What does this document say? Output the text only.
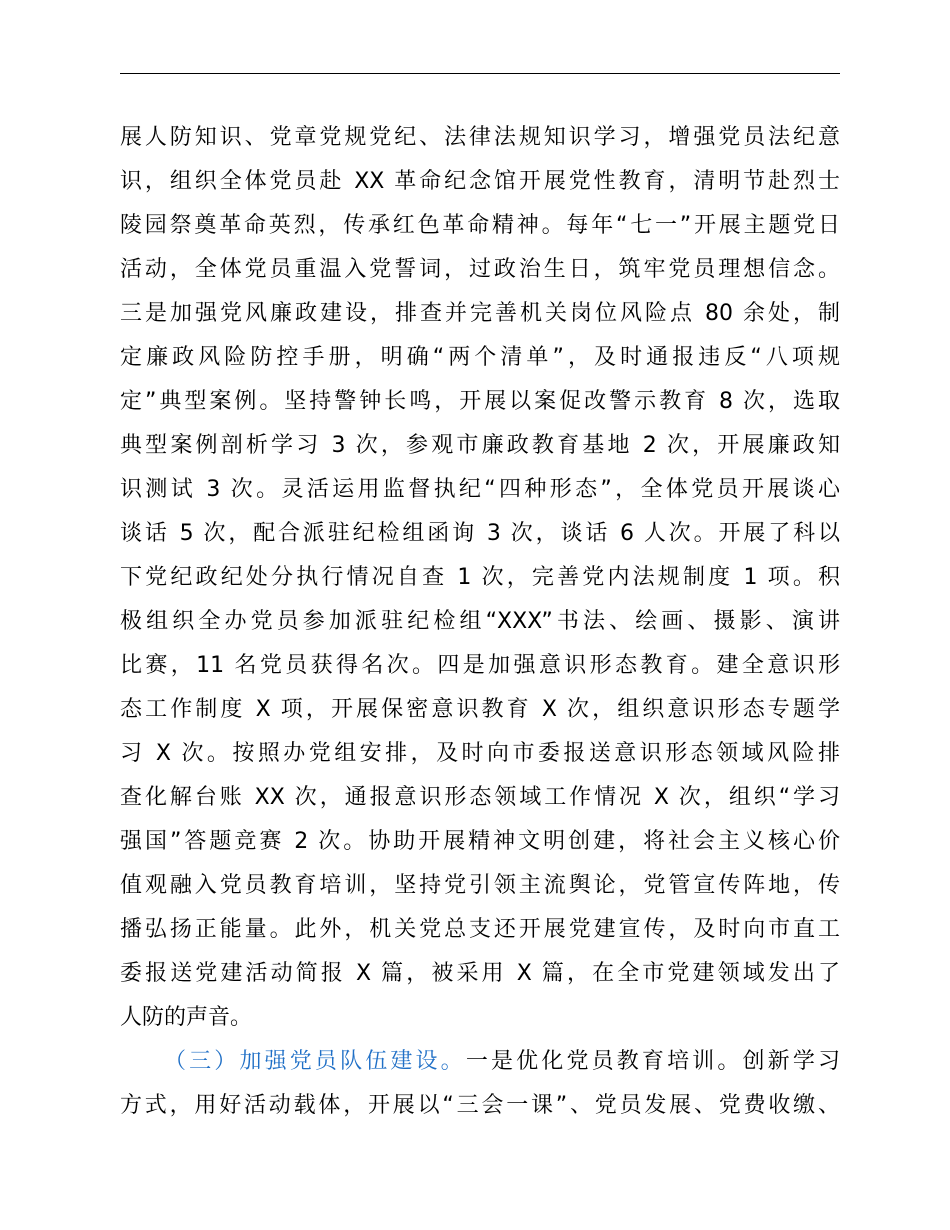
展人防知识、党章党规党纪、法律法规知识学习，增强党员法纪意
识，组织全体党员赴 XX 革命纪念馆开展党性教育，清明节赴烈士
陵园祭奠革命英烈，传承红色革命精神。每年“七一”开展主题党日
活动，全体党员重温入党誓词，过政治生日，筑牢党员理想信念。
三是加强党风廉政建设，排查并完善机关岗位风险点 80 余处，制
定廉政风险防控手册，明确“两个清单”，及时通报违反“八项规
定”典型案例。坚持警钟长鸣，开展以案促改警示教育 8 次，选取
典型案例剖析学习 3 次，参观市廉政教育基地 2 次，开展廉政知
识测试 3 次。灵活运用监督执纪“四种形态”，全体党员开展谈心
谈话 5 次，配合派驻纪检组函询 3 次，谈话 6 人次。开展了科以
下党纪政纪处分执行情况自查 1 次，完善党内法规制度 1 项。积
极组织全办党员参加派驻纪检组“XXX”书法、绘画、摄影、演讲
比赛，11 名党员获得名次。四是加强意识形态教育。建全意识形
态工作制度 X 项，开展保密意识教育 X 次，组织意识形态专题学
习 X 次。按照办党组安排，及时向市委报送意识形态领域风险排
查化解台账 XX 次，通报意识形态领域工作情况 X 次，组织“学习
强国”答题竞赛 2 次。协助开展精神文明创建，将社会主义核心价
值观融入党员教育培训，坚持党引领主流舆论，党管宣传阵地，传
播弘扬正能量。此外，机关党总支还开展党建宣传，及时向市直工
委报送党建活动简报 X 篇，被采用 X 篇，在全市党建领域发出了
人防的声音。
（三）加强党员队伍建设。一是优化党员教育培训。创新学习
方式，用好活动载体，开展以“三会一课”、党员发展、党费收缴、
